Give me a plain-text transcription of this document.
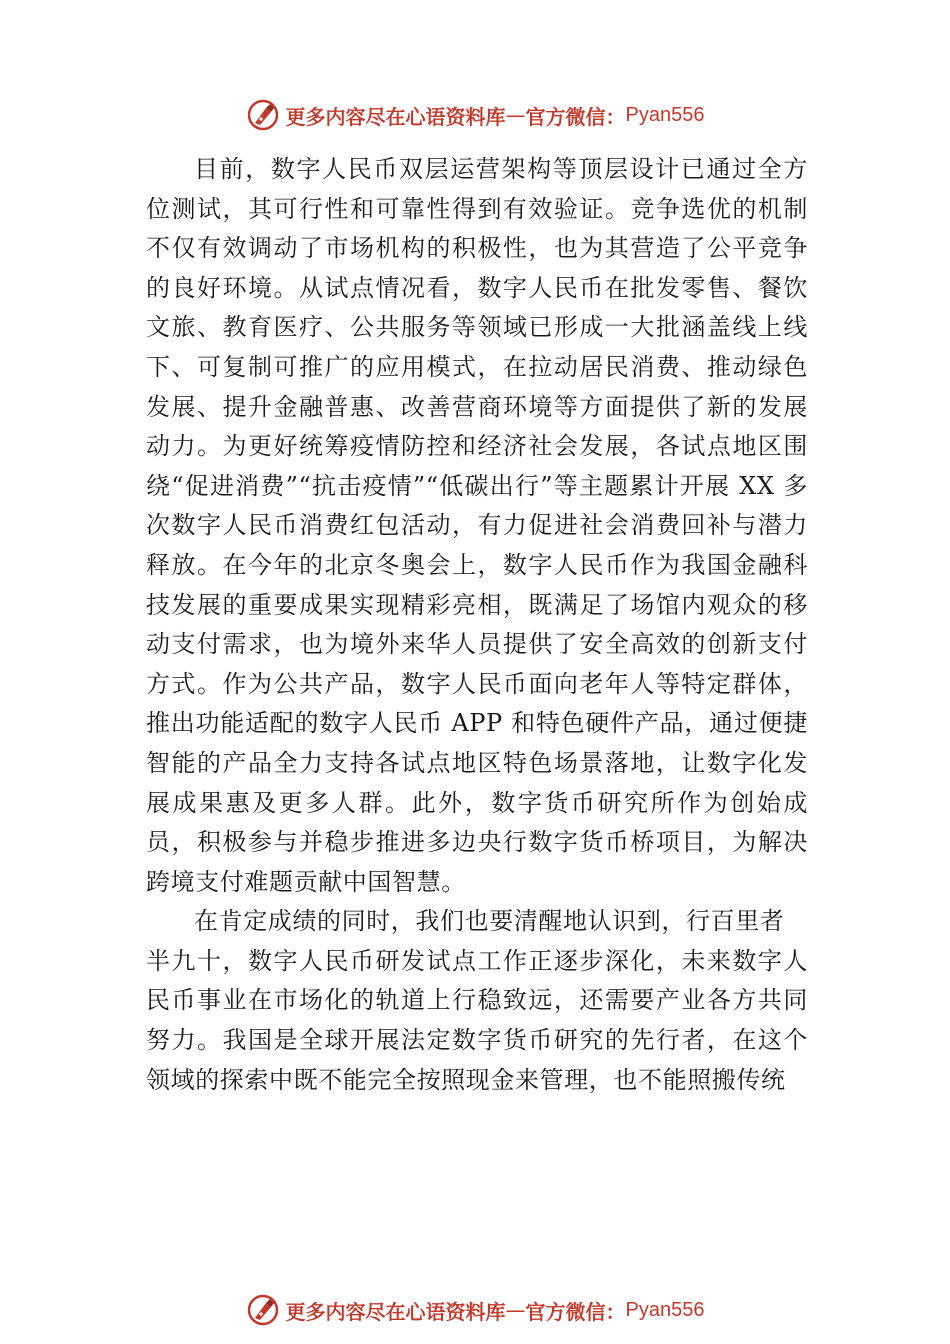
更多内容尽在心语资料库 — 官方微信： Pyan556

目前，数字人民币双层运营架构等顶层设计已通过全方位测试，其可行性和可靠性得到有效验证。竞争选优的机制不仅有效调动了市场机构的积极性，也为其营造了公平竞争的良好环境。从试点情况看，数字人民币在批发零售、餐饮文旅、教育医疗、公共服务等领域已形成一大批涵盖线上线下、可复制可推广的应用模式，在拉动居民消费、推动绿色发展、提升金融普惠、改善营商环境等方面提供了新的发展动力。为更好统筹疫情防控和经济社会发展，各试点地区围绕“促进消费”“抗击疫情”“低碳出行”等主题累计开展 XX 多次数字人民币消费红包活动，有力促进社会消费回补与潜力释放。在今年的北京冬奥会上，数字人民币作为我国金融科技发展的重要成果实现精彩亮相，既满足了场馆内观众的移动支付需求，也为境外来华人员提供了安全高效的创新支付方式。作为公共产品，数字人民币面向老年人等特定群体，推出功能适配的数字人民币 APP 和特色硬件产品，通过便捷智能的产品全力支持各试点地区特色场景落地，让数字化发展成果惠及更多人群。此外，数字货币研究所作为创始成员，积极参与并稳步推进多边央行数字货币桥项目，为解决跨境支付难题贡献中国智慧。

在肯定成绩的同时，我们也要清醒地认识到，行百里者

半九十，数字人民币研发试点工作正逐步深化，未来数字人民币事业在市场化的轨道上行稳致远，还需要产业各方共同努力。我国是全球开展法定数字货币研究的先行者，在这个领域的探索中既不能完全按照现金来管理，也不能照搬传统

更多内容尽在心语资料库 — 官方微信： Pyan556
